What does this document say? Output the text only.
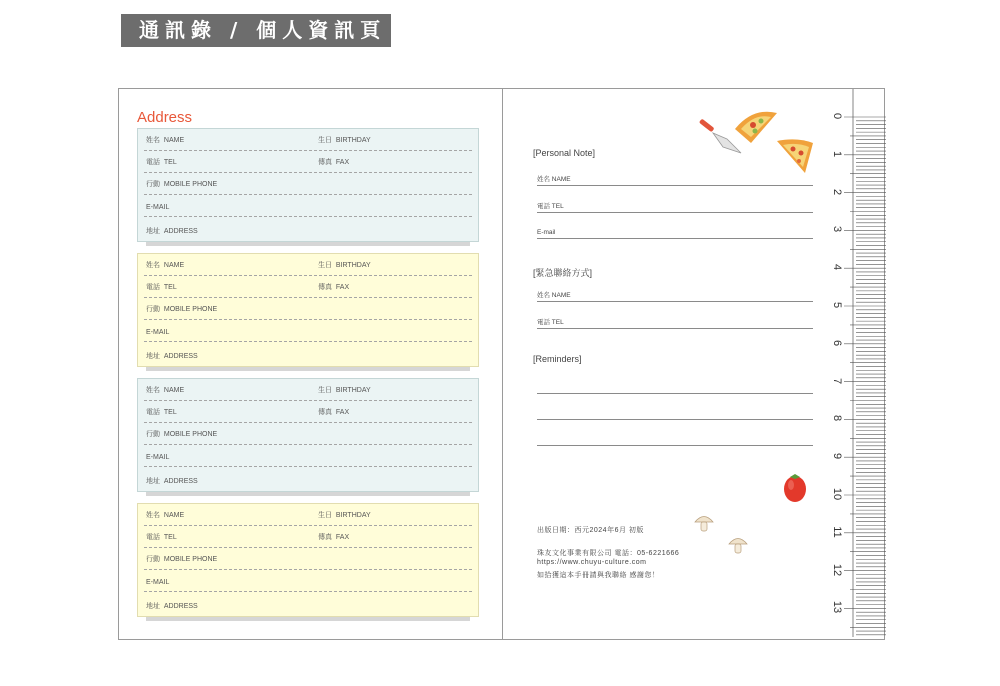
通訊錄 / 個人資訊頁
Address
姓名  NAME	生日  BIRTHDAY
電話  TEL	傳真  FAX
行動  MOBILE PHONE
E-MAIL
地址  ADDRESS
姓名  NAME	生日  BIRTHDAY
電話  TEL	傳真  FAX
行動  MOBILE PHONE
E-MAIL
地址  ADDRESS
姓名  NAME	生日  BIRTHDAY
電話  TEL	傳真  FAX
行動  MOBILE PHONE
E-MAIL
地址  ADDRESS
姓名  NAME	生日  BIRTHDAY
電話  TEL	傳真  FAX
行動  MOBILE PHONE
E-MAIL
地址  ADDRESS
[Personal Note]
姓名 NAME
電話 TEL
E-mail
[緊急聯絡方式]
姓名 NAME
電話 TEL
[Reminders]
出版日期：西元2024年6月 初版
珠友文化事業有限公司 電話：05-6221666
https://www.chuyu-culture.com
如拾獲這本手冊請與我聯絡 感謝您！
0
1
2
3
4
5
6
7
8
9
10
11
12
13
